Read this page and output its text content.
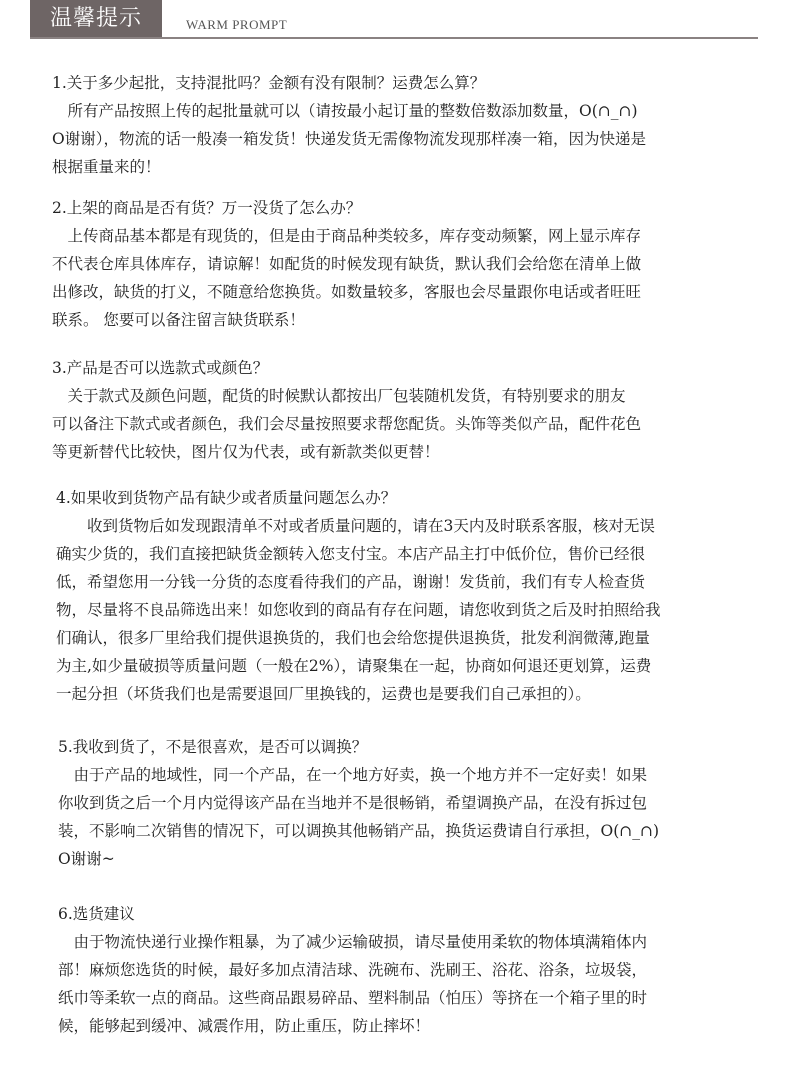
温馨提示	WARM PROMPT

1.关于多少起批，支持混批吗？金额有没有限制？运费怎么算？

　所有产品按照上传的起批量就可以（请按最小起订量的整数倍数添加数量，O(∩_∩)
O谢谢），物流的话一般凑一箱发货！快递发货无需像物流发现那样凑一箱，因为快递是
根据重量来的！

2.上架的商品是否有货？万一没货了怎么办？

　上传商品基本都是有现货的，但是由于商品种类较多，库存变动频繁，网上显示库存
不代表仓库具体库存，请谅解！如配货的时候发现有缺货，默认我们会给您在清单上做
出修改，缺货的打义，不随意给您换货。如数量较多，客服也会尽量跟你电话或者旺旺
联系。 您要可以备注留言缺货联系！

3.产品是否可以选款式或颜色？

　关于款式及颜色问题，配货的时候默认都按出厂包装随机发货，有特别要求的朋友
可以备注下款式或者颜色，我们会尽量按照要求帮您配货。头饰等类似产品，配件花色
等更新替代比较快，图片仅为代表，或有新款类似更替！

4.如果收到货物产品有缺少或者质量问题怎么办？

　　收到货物后如发现跟清单不对或者质量问题的，请在3天内及时联系客服，核对无误
确实少货的，我们直接把缺货金额转入您支付宝。本店产品主打中低价位，售价已经很
低，希望您用一分钱一分货的态度看待我们的产品，谢谢！发货前，我们有专人检查货
物，尽量将不良品筛选出来！如您收到的商品有存在问题，请您收到货之后及时拍照给我
们确认，很多厂里给我们提供退换货的，我们也会给您提供退换货，批发利润微薄,跑量
为主,如少量破损等质量问题（一般在2%），请聚集在一起，协商如何退还更划算，运费
一起分担（坏货我们也是需要退回厂里换钱的，运费也是要我们自己承担的）。

5.我收到货了，不是很喜欢，是否可以调换？

　由于产品的地域性，同一个产品，在一个地方好卖，换一个地方并不一定好卖！如果
你收到货之后一个月内觉得该产品在当地并不是很畅销，希望调换产品，在没有拆过包
装，不影响二次销售的情况下，可以调换其他畅销产品，换货运费请自行承担，O(∩_∩)
O谢谢~

6.选货建议

　由于物流快递行业操作粗暴，为了减少运输破损，请尽量使用柔软的物体填满箱体内
部！麻烦您选货的时候，最好多加点清洁球、洗碗布、洗刷王、浴花、浴条，垃圾袋，
纸巾等柔软一点的商品。这些商品跟易碎品、塑料制品（怕压）等挤在一个箱子里的时
候，能够起到缓冲、减震作用，防止重压，防止摔坏！
